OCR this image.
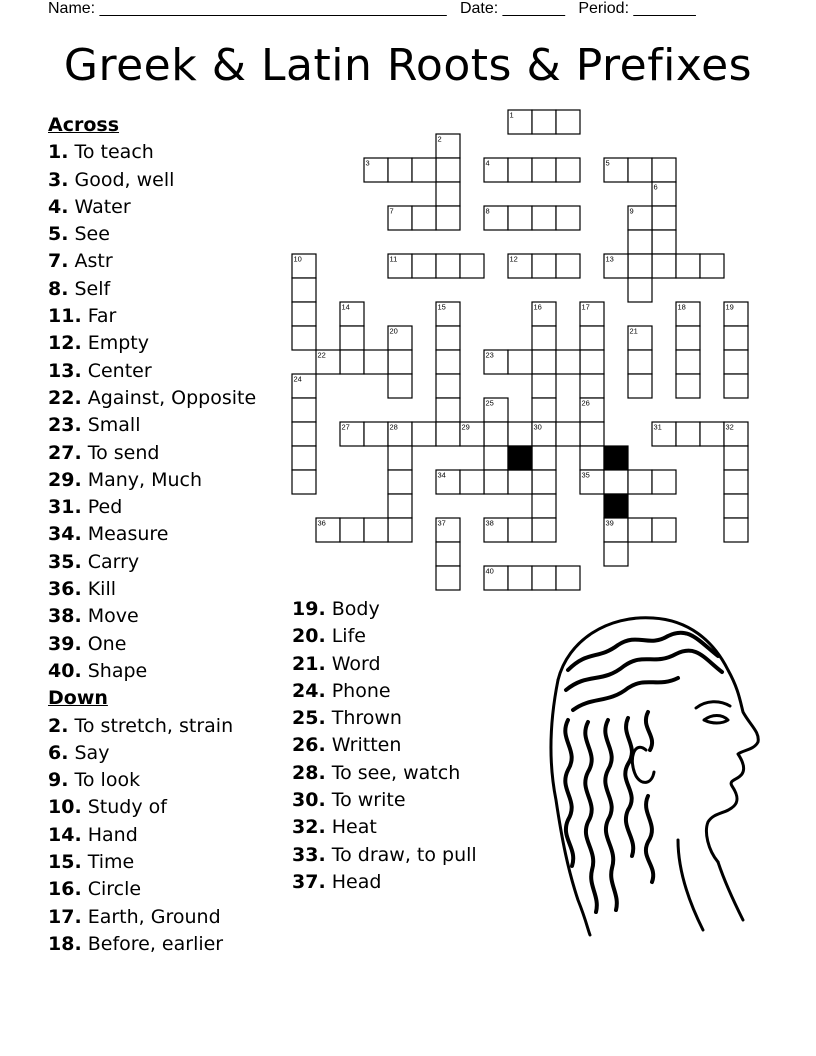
Name: _______________________________________ Date: _______ Period: _______
Greek & Latin Roots & Prefixes
1
2
3	4	5
6
7	8	9
10	11	12	13
14	15	16	17	18	19
20	21
22	23
24
25	26
27	28	29	30	31	32
33
34	35
36	37	38	39
40
Across
1. To teach
3. Good, well
4. Water
5. See
7. Astr
8. Self
11. Far
12. Empty
13. Center
22. Against, Opposite
23. Small
27. To send
29. Many, Much
31. Ped
34. Measure
35. Carry
36. Kill
38. Move
39. One
40. Shape
Down
2. To stretch, strain
6. Say
9. To look
10. Study of
14. Hand
15. Time
16. Circle
17. Earth, Ground
18. Before, earlier
19. Body
20. Life
21. Word
24. Phone
25. Thrown
26. Written
28. To see, watch
30. To write
32. Heat
33. To draw, to pull
37. Head
